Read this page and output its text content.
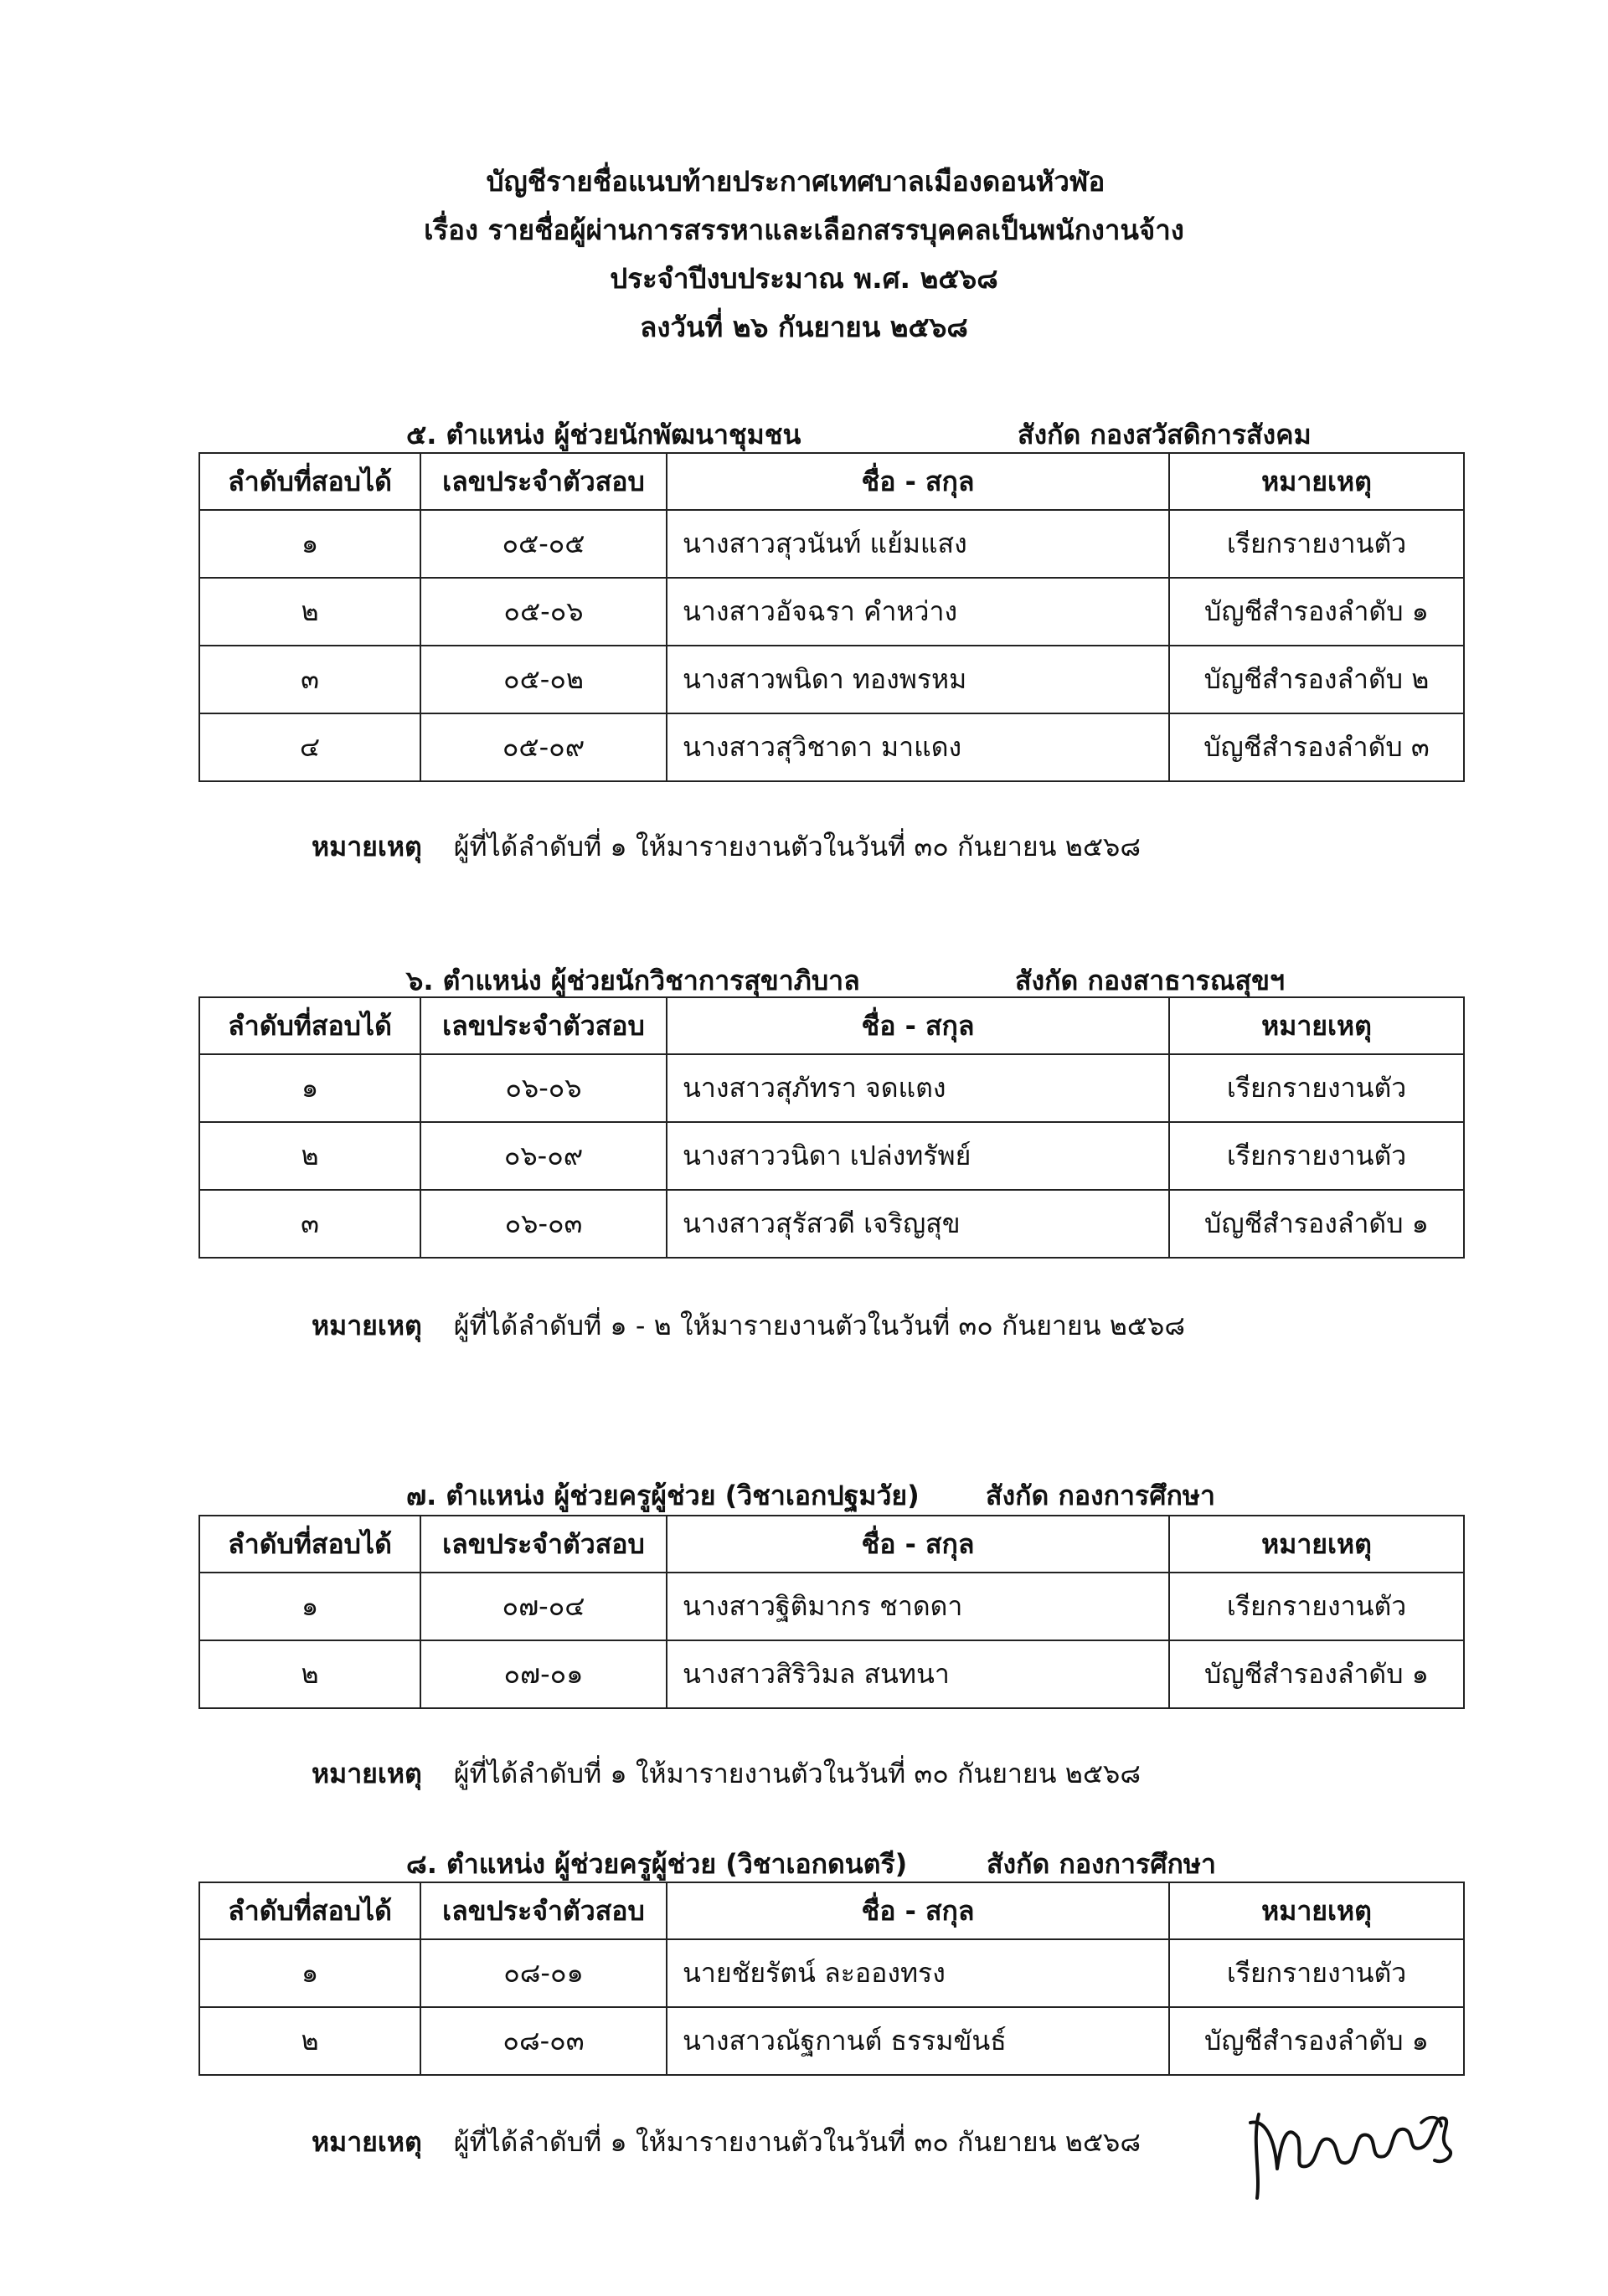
บัญชีรายชื่อแนบท้ายประกาศเทศบาลเมืองดอนหัวฬ่อ
เรื่อง รายชื่อผู้ผ่านการสรรหาและเลือกสรรบุคคลเป็นพนักงานจ้าง
ประจำปีงบประมาณ พ.ศ. ๒๕๖๘
ลงวันที่ ๒๖ กันยายน ๒๕๖๘
๕. ตำแหน่ง ผู้ช่วยนักพัฒนาชุมชน	สังกัด กองสวัสดิการสังคม
ลำดับที่สอบได้	เลขประจำตัวสอบ	ชื่อ - สกุล	หมายเหตุ
๑	๐๕-๐๕	นางสาวสุวนันท์ แย้มแสง	เรียกรายงานตัว
๒	๐๕-๐๖	นางสาวอัจฉรา คำหว่าง	บัญชีสำรองลำดับ ๑
๓	๐๕-๐๒	นางสาวพนิดา ทองพรหม	บัญชีสำรองลำดับ ๒
๔	๐๕-๐๙	นางสาวสุวิชาดา มาแดง	บัญชีสำรองลำดับ ๓
หมายเหตุ ผู้ที่ได้ลำดับที่ ๑ ให้มารายงานตัวในวันที่ ๓๐ กันยายน ๒๕๖๘
๖. ตำแหน่ง ผู้ช่วยนักวิชาการสุขาภิบาล	สังกัด กองสาธารณสุขฯ
ลำดับที่สอบได้	เลขประจำตัวสอบ	ชื่อ - สกุล	หมายเหตุ
๑	๐๖-๐๖	นางสาวสุภัทรา จดแตง	เรียกรายงานตัว
๒	๐๖-๐๙	นางสาววนิดา เปล่งทรัพย์	เรียกรายงานตัว
๓	๐๖-๐๓	นางสาวสุรัสวดี เจริญสุข	บัญชีสำรองลำดับ ๑
หมายเหตุ ผู้ที่ได้ลำดับที่ ๑ - ๒ ให้มารายงานตัวในวันที่ ๓๐ กันยายน ๒๕๖๘
๗. ตำแหน่ง ผู้ช่วยครูผู้ช่วย (วิชาเอกปฐมวัย) สังกัด กองการศึกษา
ลำดับที่สอบได้	เลขประจำตัวสอบ	ชื่อ - สกุล	หมายเหตุ
๑	๐๗-๐๔	นางสาวฐิติมากร ชาดดา	เรียกรายงานตัว
๒	๐๗-๐๑	นางสาวสิริวิมล สนทนา	บัญชีสำรองลำดับ ๑
หมายเหตุ ผู้ที่ได้ลำดับที่ ๑ ให้มารายงานตัวในวันที่ ๓๐ กันยายน ๒๕๖๘
๘. ตำแหน่ง ผู้ช่วยครูผู้ช่วย (วิชาเอกดนตรี)	สังกัด กองการศึกษา
ลำดับที่สอบได้	เลขประจำตัวสอบ	ชื่อ - สกุล	หมายเหตุ
๑	๐๘-๐๑	นายชัยรัตน์ ละอองทรง	เรียกรายงานตัว
๒	๐๘-๐๓	นางสาวณัฐกานต์ ธรรมขันธ์	บัญชีสำรองลำดับ ๑
หมายเหตุ ผู้ที่ได้ลำดับที่ ๑ ให้มารายงานตัวในวันที่ ๓๐ กันยายน ๒๕๖๘
